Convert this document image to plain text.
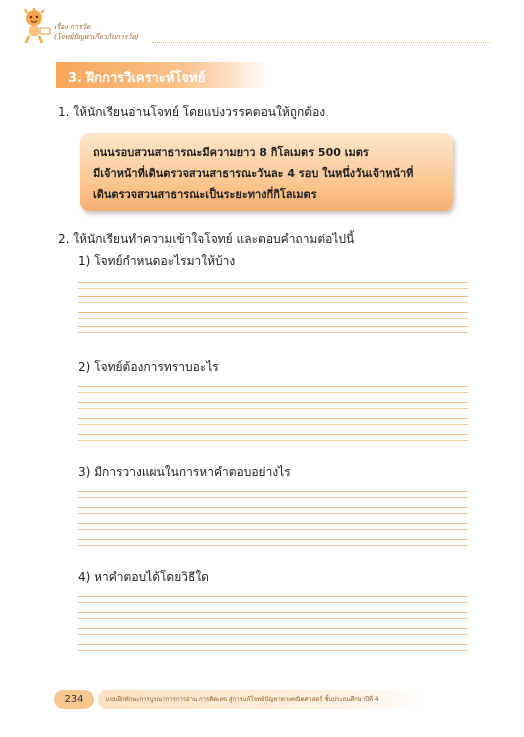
เรื่อง การวัด
(โจทย์ปัญหาเกี่ยวกับการวัด)
3. ฝึกการวิเคราะห์โจทย์
1. ให้นักเรียนอ่านโจทย์ โดยแบ่งวรรคตอนให้ถูกต้อง
ถนนรอบสวนสาธารณะมีความยาว 8 กิโลเมตร 500 เมตร
มีเจ้าหน้าที่เดินตรวจสวนสาธารณะวันละ 4 รอบ ในหนึ่งวันเจ้าหน้าที่
เดินตรวจสวนสาธารณะเป็นระยะทางกี่กิโลเมตร
2. ให้นักเรียนทำความเข้าใจโจทย์ และตอบคำถามต่อไปนี้
1) โจทย์กำหนดอะไรมาให้บ้าง
2) โจทย์ต้องการทราบอะไร
3) มีการวางแผนในการหาคำตอบอย่างไร
4) หาคำตอบได้โดยวิธีใด
234	แบบฝึกทักษะการบูรณาการการอ่าน การคิดเลข สู่การแก้โจทย์ปัญหาทางคณิตศาสตร์ ชั้นประถมศึกษาปีที่ 4
